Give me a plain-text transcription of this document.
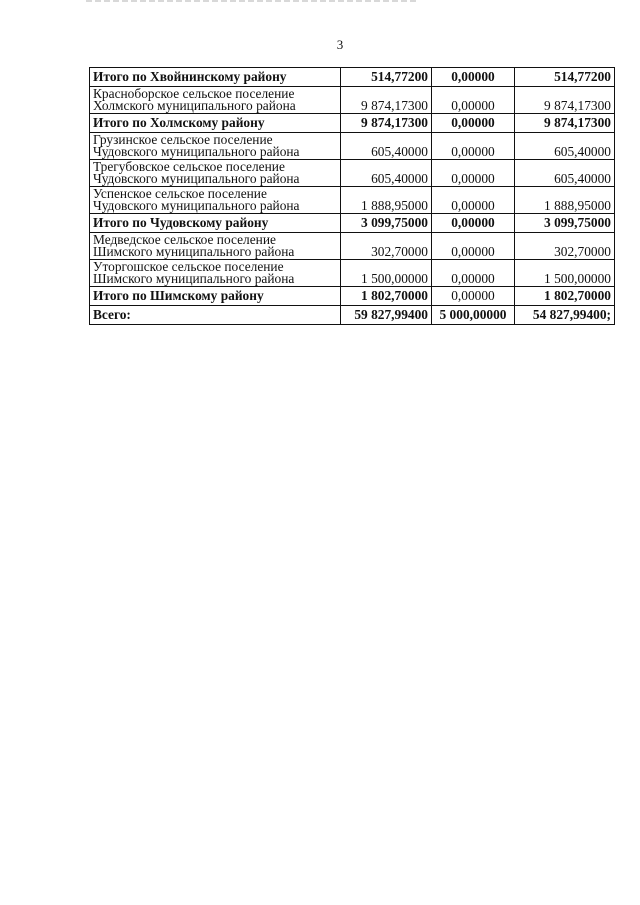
3
Итого по Хвойнинскому району	514,77200	0,00000	514,77200

Красноборское сельское поселение
Холмского муниципального района	9 874,17300	0,00000	9 874,17300
Итого по Холмскому району	9 874,17300	0,00000	9 874,17300

Грузинское сельское поселение
Чудовского муниципального района	605,40000	0,00000	605,40000

Трегубовское сельское поселение
Чудовского муниципального района	605,40000	0,00000	605,40000

Успенское сельское поселение
Чудовского муниципального района	1 888,95000	0,00000	1 888,95000
Итого по Чудовскому району	3 099,75000	0,00000	3 099,75000

Медведское сельское поселение
Шимского муниципального района	302,70000	0,00000	302,70000

Уторгошское сельское поселение
Шимского муниципального района	1 500,00000	0,00000	1 500,00000
Итого по Шимскому району	1 802,70000	0,00000	1 802,70000
Всего:	59 827,99400	5 000,00000	54 827,99400;
